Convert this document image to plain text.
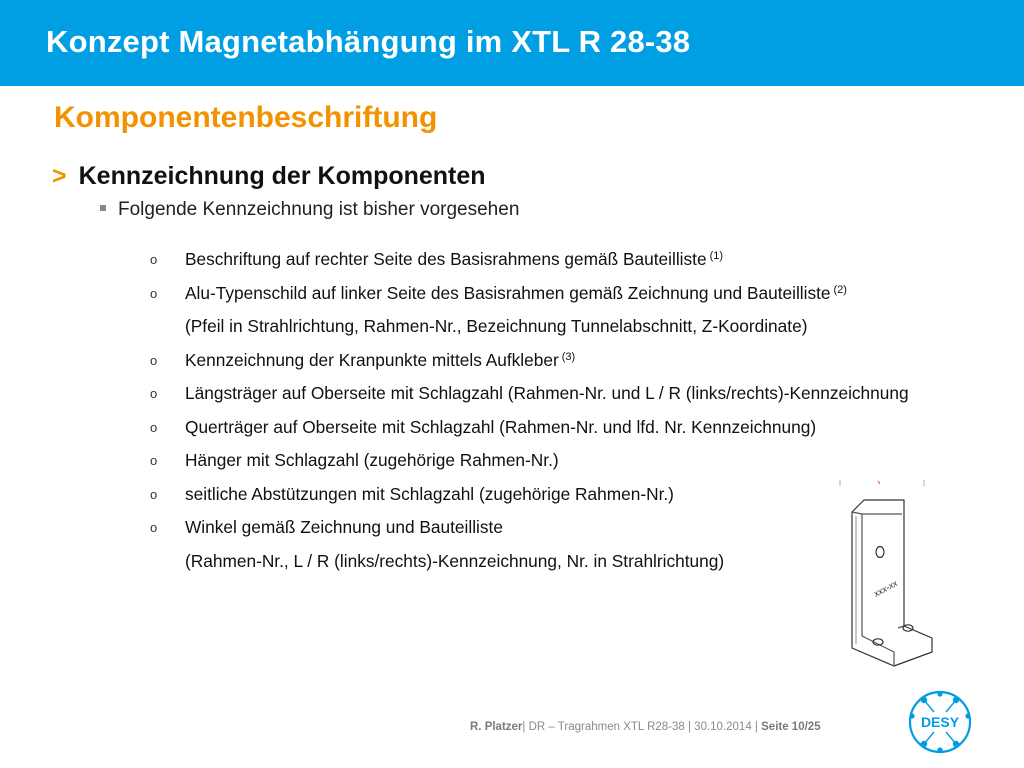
Konzept Magnetabhängung im XTL R 28-38
Komponentenbeschriftung
> Kennzeichnung der Komponenten
Folgende Kennzeichnung ist bisher vorgesehen
o Beschriftung auf rechter Seite des Basisrahmens gemäß Bauteilliste $^{(1)}$
o Alu-Typenschild auf linker Seite des Basisrahmen gemäß Zeichnung und Bauteilliste $^{(2)}$
(Pfeil in Strahlrichtung, Rahmen-Nr., Bezeichnung Tunnelabschnitt, Z-Koordinate)
o Kennzeichnung der Kranpunkte mittels Aufkleber $^{(3)}$
o Längsträger auf Oberseite mit Schlagzahl (Rahmen-Nr. und L / R (links/rechts)-Kennzeichnung
o Querträger auf Oberseite mit Schlagzahl (Rahmen-Nr. und lfd. Nr. Kennzeichnung)
o Hänger mit Schlagzahl (zugehörige Rahmen-Nr.)
o seitliche Abstützungen mit Schlagzahl (zugehörige Rahmen-Nr.)
o Winkel gemäß Zeichnung und Bauteilliste
(Rahmen-Nr., L / R (links/rechts)-Kennzeichnung, Nr. in Strahlrichtung)
xxx-xx
R. Platzer| DR – Tragrahmen XTL R28-38 | 30.10.2014 | Seite 10/25	DESY
